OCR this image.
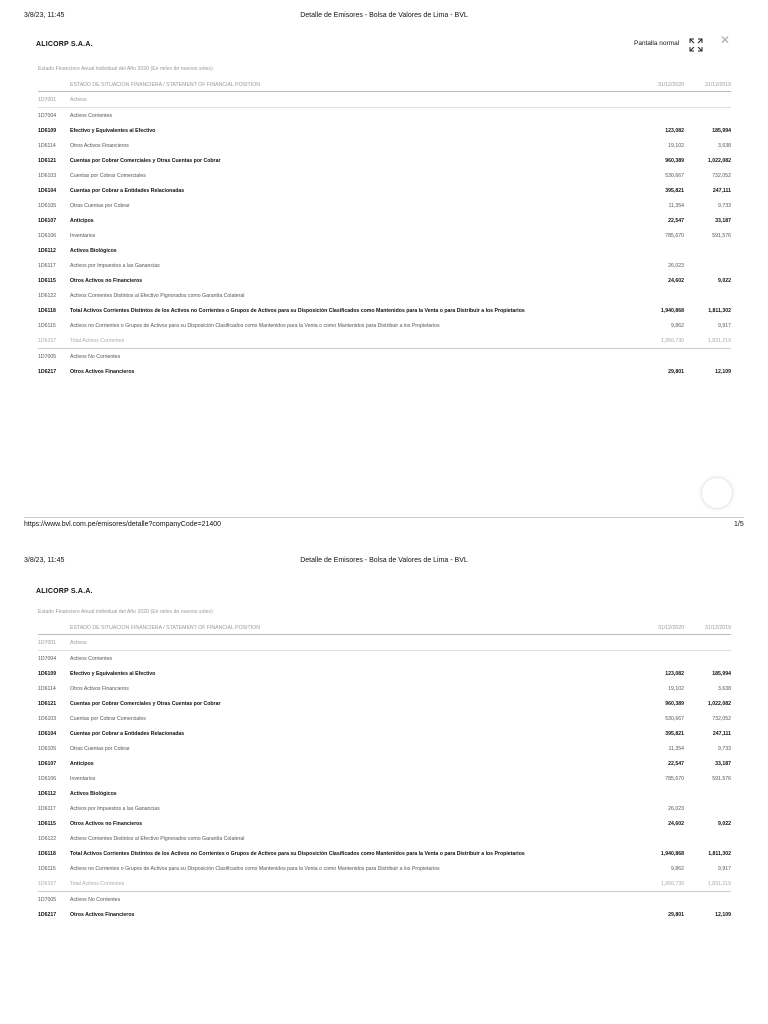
3/8/23, 11:45	Detalle de Emisores - Bolsa de Valores de Lima - BVL
ALICORP S.A.A.	Pantalla normal	✕
Estado Financiero Anual individual del Año 2020 (En miles de nuevos soles)
	ESTADO DE SITUACION FINANCIERA / STATEMENT OF FINANCIAL POSITION	31/12/2020	31/12/2019
1D7001	Activos		
1D7004	Activos Corrientes		
1D6109	Efectivo y Equivalentes al Efectivo	123,082	185,994
1D6114	Otros Activos Financieros	19,102	3,638
1D6121	Cuentas por Cobrar Comerciales y Otras Cuentas por Cobrar	960,389	1,022,082
1D6103	Cuentas por Cobrar Comerciales	530,667	732,052
1D6104	Cuentas por Cobrar a Entidades Relacionadas	395,821	247,111
1D6105	Otras Cuentas por Cobrar	11,354	9,733
1D6107	Anticipos	22,547	33,187
1D6106	Inventarios	785,670	591,576
1D6112	Activos Biológicos		
1D6117	Activos por Impuestos a las Ganancias	26,023	
1D6115	Otros Activos no Financieros	24,602	9,022
1D6122	Activos Corrientes Distintos al Efectivo Pignorados como Garantía Colateral		
1D6118	Total Activos Corrientes Distintos de los Activos no Corrientes o Grupos de Activos para su Disposición Clasificados como Mantenidos para la Venta o para Distribuir a los Propietarios	1,940,868	1,811,302
1D6115	Activos no Corrientes o Grupos de Activos para su Disposición Clasificados como Mantenidos para la Venta o como Mantenidos para Distribuir a los Propietarios	9,862	9,917
1D6157	Total Activos Corrientes	1,950,730	1,831,219
1D7005	Activos No Corrientes		
1D6217	Otros Activos Financieros	29,801	12,109
https://www.bvl.com.pe/emisores/detalle?companyCode=21400	1/5
3/8/23, 11:45	Detalle de Emisores - Bolsa de Valores de Lima - BVL
ALICORP S.A.A.
Estado Financiero Anual individual del Año 2020 (En miles de nuevos soles)
	ESTADO DE SITUACION FINANCIERA / STATEMENT OF FINANCIAL POSITION	31/12/2020	31/12/2019
1D7001	Activos		
1D7004	Activos Corrientes		
1D6109	Efectivo y Equivalentes al Efectivo	123,082	185,994
1D6114	Otros Activos Financieros	19,102	3,638
1D6121	Cuentas por Cobrar Comerciales y Otras Cuentas por Cobrar	960,389	1,022,082
1D6103	Cuentas por Cobrar Comerciales	530,667	732,052
1D6104	Cuentas por Cobrar a Entidades Relacionadas	395,821	247,111
1D6105	Otras Cuentas por Cobrar	11,354	9,733
1D6107	Anticipos	22,547	33,187
1D6106	Inventarios	785,670	591,576
1D6112	Activos Biológicos		
1D6117	Activos por Impuestos a las Ganancias	26,023	
1D6115	Otros Activos no Financieros	24,602	9,022
1D6122	Activos Corrientes Distintos al Efectivo Pignorados como Garantía Colateral		
1D6118	Total Activos Corrientes Distintos de los Activos no Corrientes o Grupos de Activos para su Disposición Clasificados como Mantenidos para la Venta o para Distribuir a los Propietarios	1,940,868	1,811,302
1D6115	Activos no Corrientes o Grupos de Activos para su Disposición Clasificados como Mantenidos para la Venta o como Mantenidos para Distribuir a los Propietarios	9,862	9,917
1D6157	Total Activos Corrientes	1,950,730	1,831,219
1D7005	Activos No Corrientes		
1D6217	Otros Activos Financieros	29,801	12,109
